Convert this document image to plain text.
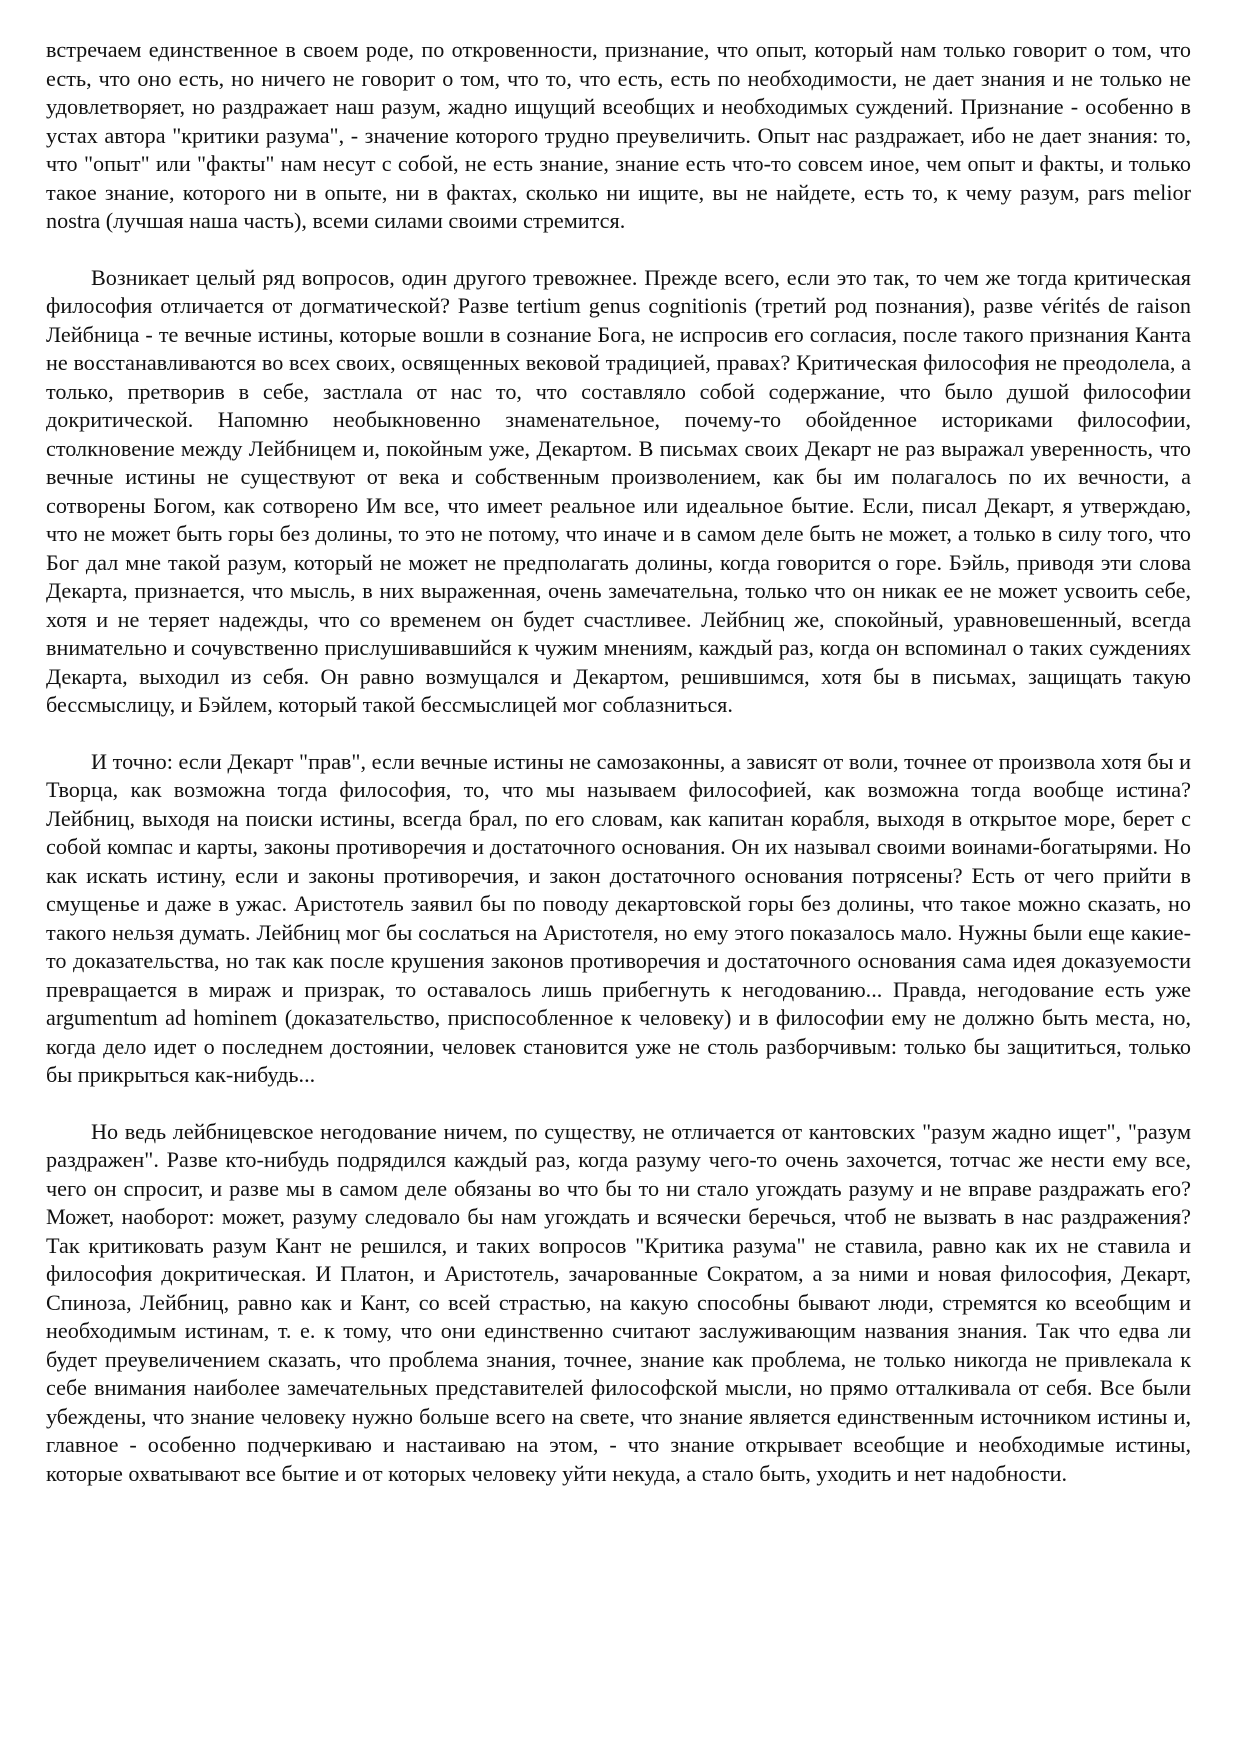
встречаем единственное в своем роде, по откровенности, признание, что опыт, который нам только говорит о том, что есть, что оно есть, но ничего не говорит о том, что то, что есть, есть по необходимости, не дает знания и не только не удовлетворяет, но раздражает наш разум, жадно ищущий всеобщих и необходимых суждений. Признание - особенно в устах автора "критики разума", - значение которого трудно преувеличить. Опыт нас раздражает, ибо не дает знания: то, что "опыт" или "факты" нам несут с собой, не есть знание, знание есть что-то совсем иное, чем опыт и факты, и только такое знание, которого ни в опыте, ни в фактах, сколько ни ищите, вы не найдете, есть то, к чему разум, pars melior nostra (лучшая наша часть), всеми силами своими стремится.

Возникает целый ряд вопросов, один другого тревожнее. Прежде всего, если это так, то чем же тогда критическая философия отличается от догматической? Разве tertium genus cognitionis (третий род познания), разве vérités de raison Лейбница - те вечные истины, которые вошли в сознание Бога, не испросив его согласия, после такого признания Канта не восстанавливаются во всех своих, освященных вековой традицией, правах? Критическая философия не преодолела, а только, претворив в себе, застлала от нас то, что составляло собой содержание, что было душой философии докритической. Напомню необыкновенно знаменательное, почему-то обойденное историками философии, столкновение между Лейбницем и, покойным уже, Декартом. В письмах своих Декарт не раз выражал уверенность, что вечные истины не существуют от века и собственным произволением, как бы им полагалось по их вечности, а сотворены Богом, как сотворено Им все, что имеет реальное или идеальное бытие. Если, писал Декарт, я утверждаю, что не может быть горы без долины, то это не потому, что иначе и в самом деле быть не может, а только в силу того, что Бог дал мне такой разум, который не может не предполагать долины, когда говорится о горе. Бэйль, приводя эти слова Декарта, признается, что мысль, в них выраженная, очень замечательна, только что он никак ее не может усвоить себе, хотя и не теряет надежды, что со временем он будет счастливее. Лейбниц же, спокойный, уравновешенный, всегда внимательно и сочувственно прислушивавшийся к чужим мнениям, каждый раз, когда он вспоминал о таких суждениях Декарта, выходил из себя. Он равно возмущался и Декартом, решившимся, хотя бы в письмах, защищать такую бессмыслицу, и Бэйлем, который такой бессмыслицей мог соблазниться.

И точно: если Декарт "прав", если вечные истины не самозаконны, а зависят от воли, точнее от произвола хотя бы и Творца, как возможна тогда философия, то, что мы называем философией, как возможна тогда вообще истина? Лейбниц, выходя на поиски истины, всегда брал, по его словам, как капитан корабля, выходя в открытое море, берет с собой компас и карты, законы противоречия и достаточного основания. Он их называл своими воинами-богатырями. Но как искать истину, если и законы противоречия, и закон достаточного основания потрясены? Есть от чего прийти в смущенье и даже в ужас. Аристотель заявил бы по поводу декартовской горы без долины, что такое можно сказать, но такого нельзя думать. Лейбниц мог бы сослаться на Аристотеля, но ему этого показалось мало. Нужны были еще какие-то доказательства, но так как после крушения законов противоречия и достаточного основания сама идея доказуемости превращается в мираж и призрак, то оставалось лишь прибегнуть к негодованию... Правда, негодование есть уже argumentum ad hominem (доказательство, приспособленное к человеку) и в философии ему не должно быть места, но, когда дело идет о последнем достоянии, человек становится уже не столь разборчивым: только бы защититься, только бы прикрыться как-нибудь...

Но ведь лейбницевское негодование ничем, по существу, не отличается от кантовских "разум жадно ищет", "разум раздражен". Разве кто-нибудь подрядился каждый раз, когда разуму чего-то очень захочется, тотчас же нести ему все, чего он спросит, и разве мы в самом деле обязаны во что бы то ни стало угождать разуму и не вправе раздражать его? Может, наоборот: может, разуму следовало бы нам угождать и всячески беречься, чтоб не вызвать в нас раздражения? Так критиковать разум Кант не решился, и таких вопросов "Критика разума" не ставила, равно как их не ставила и философия докритическая. И Платон, и Аристотель, зачарованные Сократом, а за ними и новая философия, Декарт, Спиноза, Лейбниц, равно как и Кант, со всей страстью, на какую способны бывают люди, стремятся ко всеобщим и необходимым истинам, т. е. к тому, что они единственно считают заслуживающим названия знания. Так что едва ли будет преувеличением сказать, что проблема знания, точнее, знание как проблема, не только никогда не привлекала к себе внимания наиболее замечательных представителей философской мысли, но прямо отталкивала от себя. Все были убеждены, что знание человеку нужно больше всего на свете, что знание является единственным источником истины и, главное - особенно подчеркиваю и настаиваю на этом, - что знание открывает всеобщие и необходимые истины, которые охватывают все бытие и от которых человеку уйти некуда, а стало быть, уходить и нет надобности.
